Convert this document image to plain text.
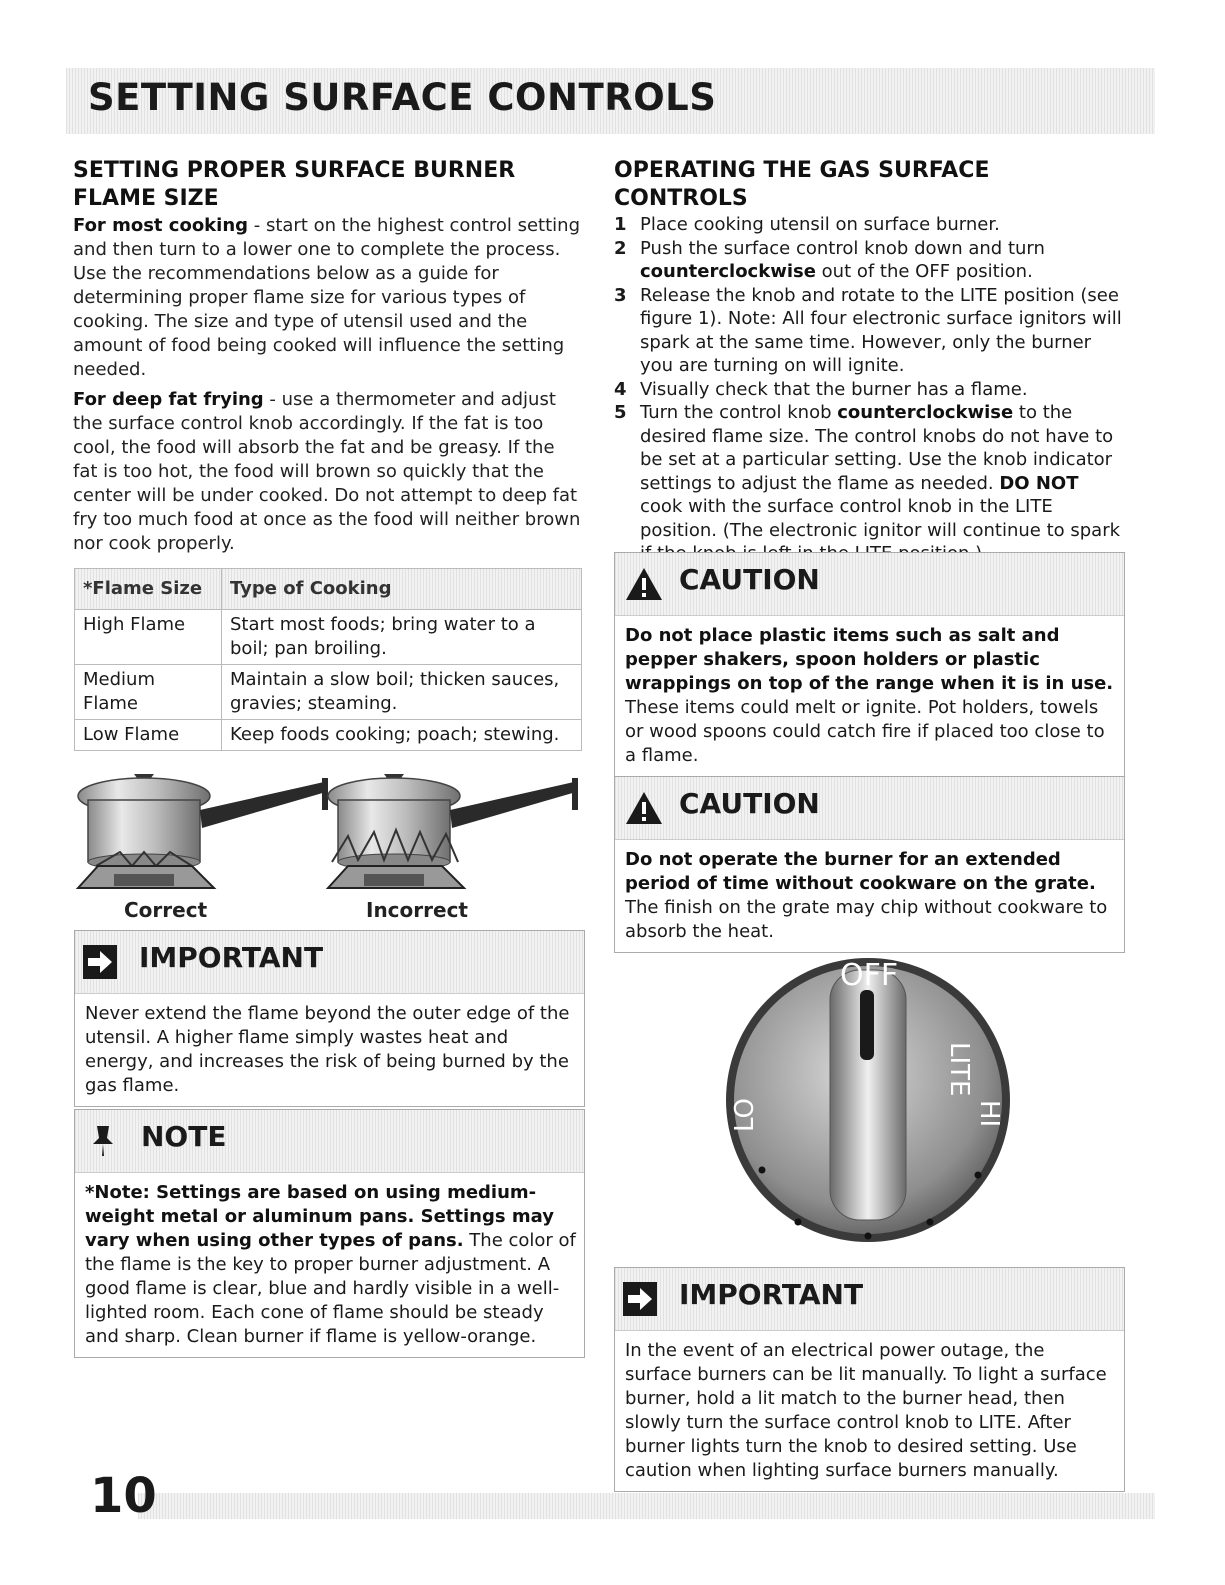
SETTING SURFACE CONTROLS
SETTING PROPER SURFACE BURNER FLAME SIZE

For most cooking - start on the highest control setting and then turn to a lower one to complete the process. Use the recommendations below as a guide for determining proper flame size for various types of cooking. The size and type of utensil used and the amount of food being cooked will influence the setting needed.

For deep fat frying - use a thermometer and adjust the surface control knob accordingly. If the fat is too cool, the food will absorb the fat and be greasy. If the fat is too hot, the food will brown so quickly that the center will be under cooked. Do not attempt to deep fat fry too much food at once as the food will neither brown nor cook properly.

*Flame Size	Type of Cooking
High Flame	Start most foods; bring water to a boil; pan broiling.
Medium Flame	Maintain a slow boil; thicken sauces, gravies; steaming.
Low Flame	Keep foods cooking; poach; stewing.
Correct	Incorrect
IMPORTANT
Never extend the flame beyond the outer edge of the utensil. A higher flame simply wastes heat and energy, and increases the risk of being burned by the gas flame.
NOTE
*Note: Settings are based on using medium-weight metal or aluminum pans. Settings may vary when using other types of pans. The color of the flame is the key to proper burner adjustment. A good flame is clear, blue and hardly visible in a well-lighted room. Each cone of flame should be steady and sharp. Clean burner if flame is yellow-orange.
OPERATING THE GAS SURFACE CONTROLS
1 Place cooking utensil on surface burner.
2 Push the surface control knob down and turn counterclockwise out of the OFF position.
3 Release the knob and rotate to the LITE position (see figure 1). Note: All four electronic surface ignitors will spark at the same time. However, only the burner you are turning on will ignite.
4 Visually check that the burner has a flame.
5 Turn the control knob counterclockwise to the desired flame size. The control knobs do not have to be set at a particular setting. Use the knob indicator settings to adjust the flame as needed. DO NOT cook with the surface control knob in the LITE position. (The electronic ignitor will continue to spark
CAUTION
Do not place plastic items such as salt and pepper shakers, spoon holders or plastic wrappings on top of the range when it is in use. These items could melt or ignite. Pot holders, towels or wood spoons could catch fire if placed too close to a flame.
CAUTION
Do not operate the burner for an extended period of time without cookware on the grate. The finish on the grate may chip without cookware to absorb the heat.
OFF
LITE
HI
LO
IMPORTANT
In the event of an electrical power outage, the surface burners can be lit manually. To light a surface burner, hold a lit match to the burner head, then slowly turn the surface control knob to LITE. After burner lights turn the knob to desired setting. Use caution when lighting surface burners manually.
10
